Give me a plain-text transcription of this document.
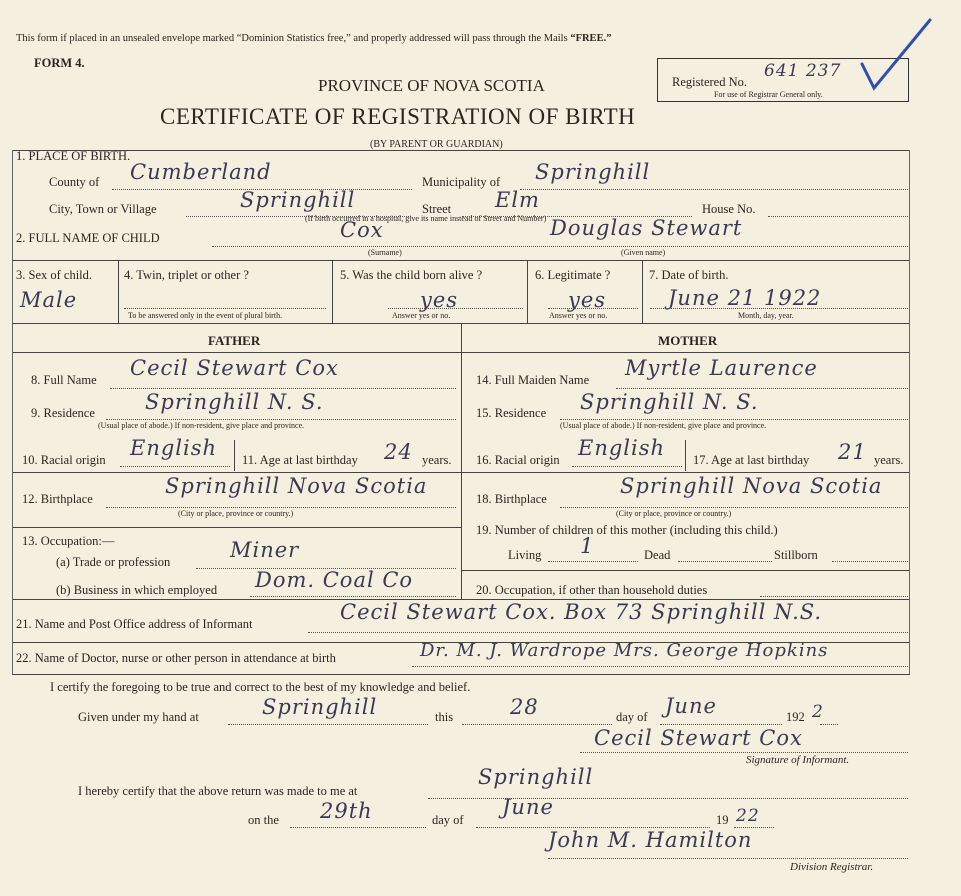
This form if placed in an unsealed envelope marked “Dominion Statistics free,” and properly addressed will pass through the Mails “FREE.”
FORM 4.
PROVINCE OF NOVA SCOTIA
CERTIFICATE OF REGISTRATION OF BIRTH
(BY PARENT OR GUARDIAN)
Registered No.
641 237
For use of Registrar General only.
1. PLACE OF BIRTH.
County of Cumberland	Municipality of Springhill
City, Town or Village	Springhill	Street Elm	House No.
(If birth occurred in a hospital, give its name instead of Street and Number)
2. FULL NAME OF CHILD	Cox	Douglas Stewart
(Surname)	(Given name)
3. Sex of child.
Male
4. Twin, triplet or other ?
To be answered only in the event of plural birth.
5. Was the child born alive ?
yes
Answer yes or no.
6. Legitimate ?
yes
Answer yes or no.
7. Date of birth.
June 21 1922
Month, day, year.
FATHER	MOTHER
8. Full Name Cecil Stewart Cox
9. Residence Springhill N. S.
(Usual place of abode.) If non-resident, give place and province.
10. Racial origin English 11. Age at last birthday 24 years.
12. Birthplace
Springhill Nova Scotia
(City or place, province or country.)
13. Occupation:—
(a) Trade or profession	Miner
(b) Business in which employed Dom. Coal Co
14. Full Maiden Name Myrtle Laurence
15. Residence Springhill N. S.
(Usual place of abode.) If non-resident, give place and province.
16. Racial origin English 17. Age at last birthday 21 years.
18. Birthplace
Springhill Nova Scotia
(City or place, province or country.)
19. Number of children of this mother (including this child.)
Living 1	Dead	Stillborn
20. Occupation, if other than household duties
21. Name and Post Office address of Informant	Cecil Stewart Cox. Box 73 Springhill N.S.
22. Name of Doctor, nurse or other person in attendance at birth	Dr. M. J. Wardrope Mrs. George Hopkins
I certify the foregoing to be true and correct to the best of my knowledge and belief.
Given under my hand at	Springhill	this	28	day of June	192 2
Cecil Stewart Cox
Signature of Informant.
I hereby certify that the above return was made to me at
Springhill
on the 29th	day of
June
19 22
John M. Hamilton
Division Registrar.
